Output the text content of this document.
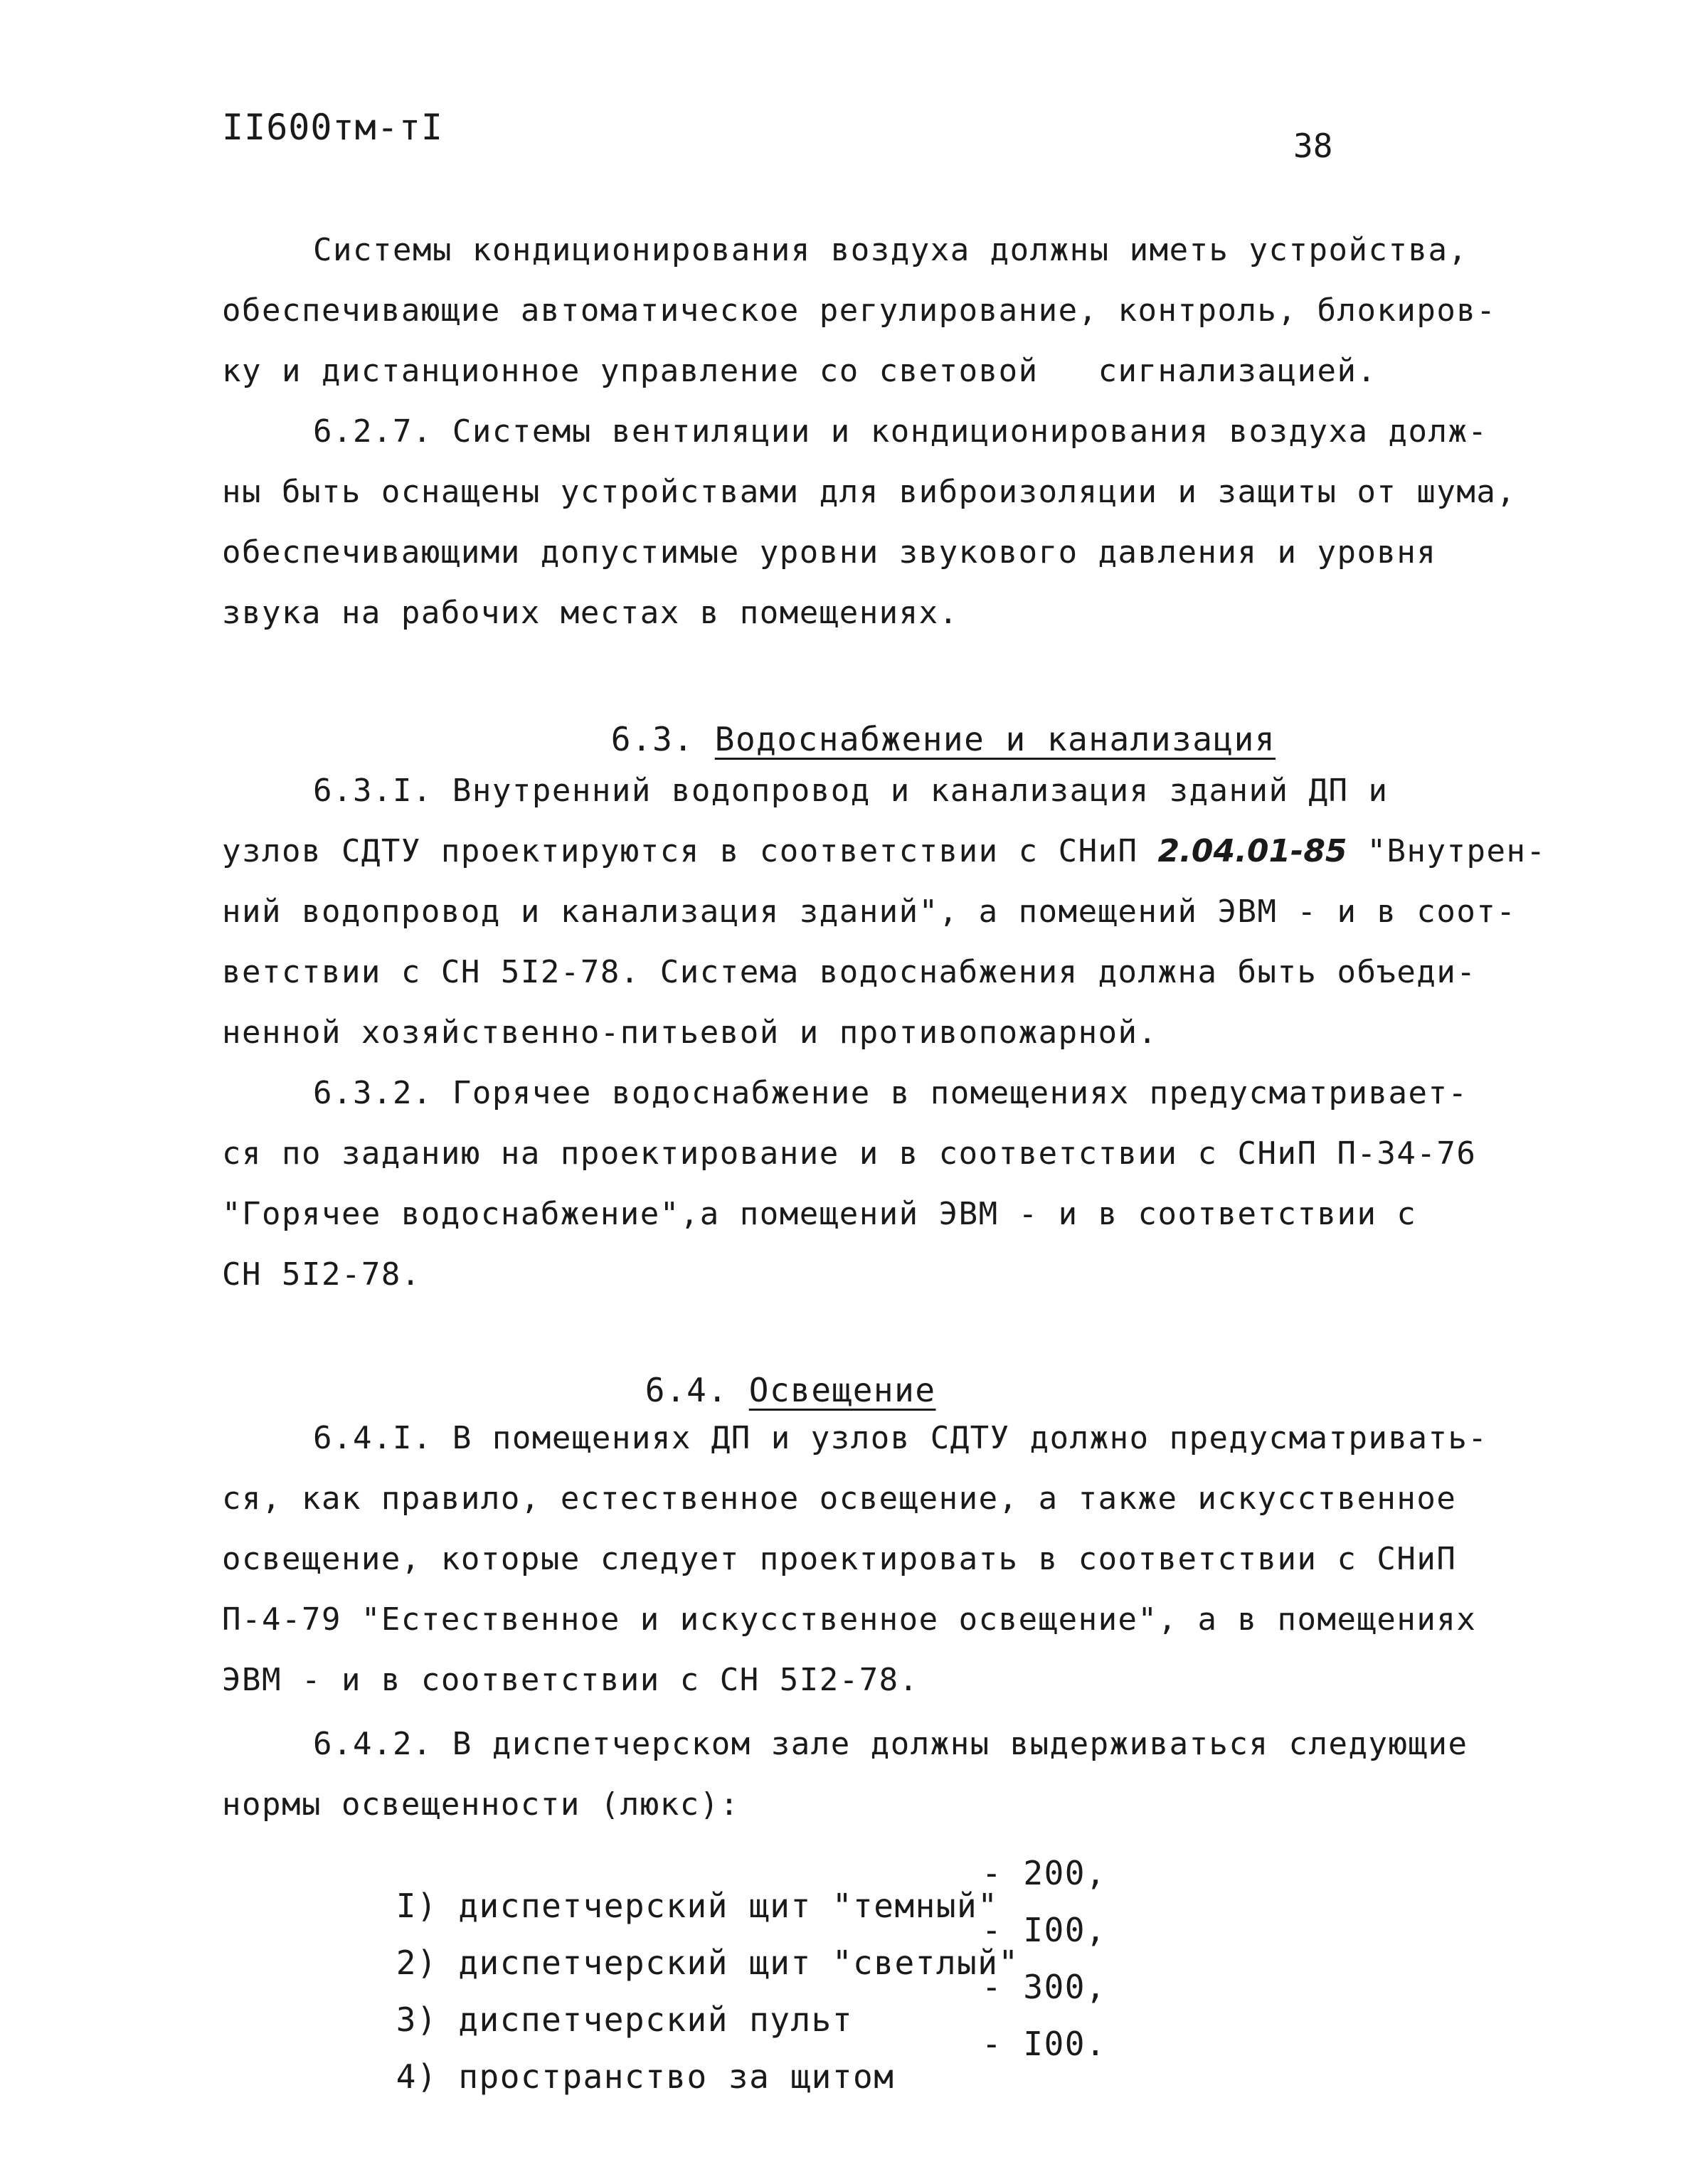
II600тм-тI	38
Системы кондиционирования воздуха должны иметь устройства,
обеспечивающие автоматическое регулирование, контроль, блокиров-
ку и дистанционное управление со световой   сигнализацией.
6.2.7. Системы вентиляции и кондиционирования воздуха долж-
ны быть оснащены устройствами для виброизоляции и защиты от шума,
обеспечивающими допустимые уровни звукового давления и уровня
звука на рабочих местах в помещениях.

6.3. Водоснабжение и канализация

6.3.I. Внутренний водопровод и канализация зданий ДП и
узлов СДТУ проектируются в соответствии с СНиП 2.04.01-85 "Внутрен-
ний водопровод и канализация зданий", а помещений ЭВМ - и в соот-
ветствии с СН 5I2-78. Система водоснабжения должна быть объеди-
ненной хозяйственно-питьевой и противопожарной.
6.3.2. Горячее водоснабжение в помещениях предусматривает-
ся по заданию на проектирование и в соответствии с СНиП П-34-76
"Горячее водоснабжение",а помещений ЭВМ - и в соответствии с
СН 5I2-78.

6.4. Освещение

6.4.I. В помещениях ДП и узлов СДТУ должно предусматривать-
ся, как правило, естественное освещение, а также искусственное
освещение, которые следует проектировать в соответствии с СНиП
П-4-79 "Естественное и искусственное освещение", а в помещениях
ЭВМ - и в соответствии с СН 5I2-78.
6.4.2. В диспетчерском зале должны выдерживаться следующие
нормы освещенности (люкс):

I) диспетчерский щит "темный"
- 200,

2) диспетчерский щит "светлый"
- I00,

3) диспетчерский пульт
- 300,

4) пространство за щитом
- I00.
